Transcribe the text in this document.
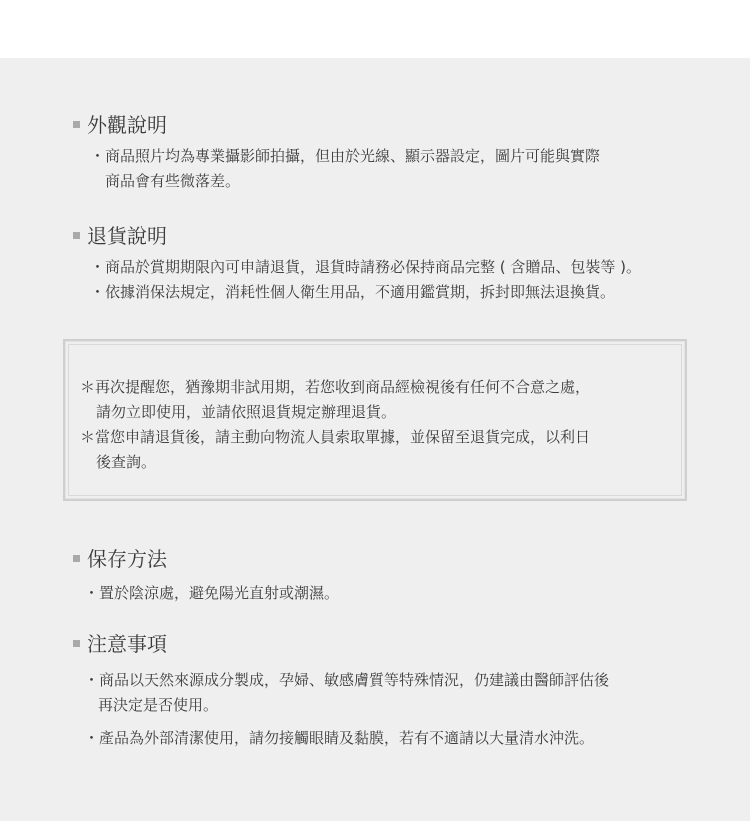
外觀說明
・商品照片均為專業攝影師拍攝，但由於光線、顯示器設定，圖片可能與實際
商品會有些微落差。
退貨說明
・商品於賞期期限內可申請退貨，退貨時請務必保持商品完整 ( 含贈品、包裝等 )。
・依據消保法規定，消耗性個人衛生用品，不適用鑑賞期，拆封即無法退換貨。
＊再次提醒您，猶豫期非試用期，若您收到商品經檢視後有任何不合意之處，
請勿立即使用，並請依照退貨規定辦理退貨。
＊當您申請退貨後，請主動向物流人員索取單據，並保留至退貨完成，以利日
後查詢。
保存方法
・置於陰涼處，避免陽光直射或潮濕。
注意事項
・商品以天然來源成分製成，孕婦、敏感膚質等特殊情況，仍建議由醫師評估後
再決定是否使用。
・產品為外部清潔使用，請勿接觸眼睛及黏膜，若有不適請以大量清水沖洗。
